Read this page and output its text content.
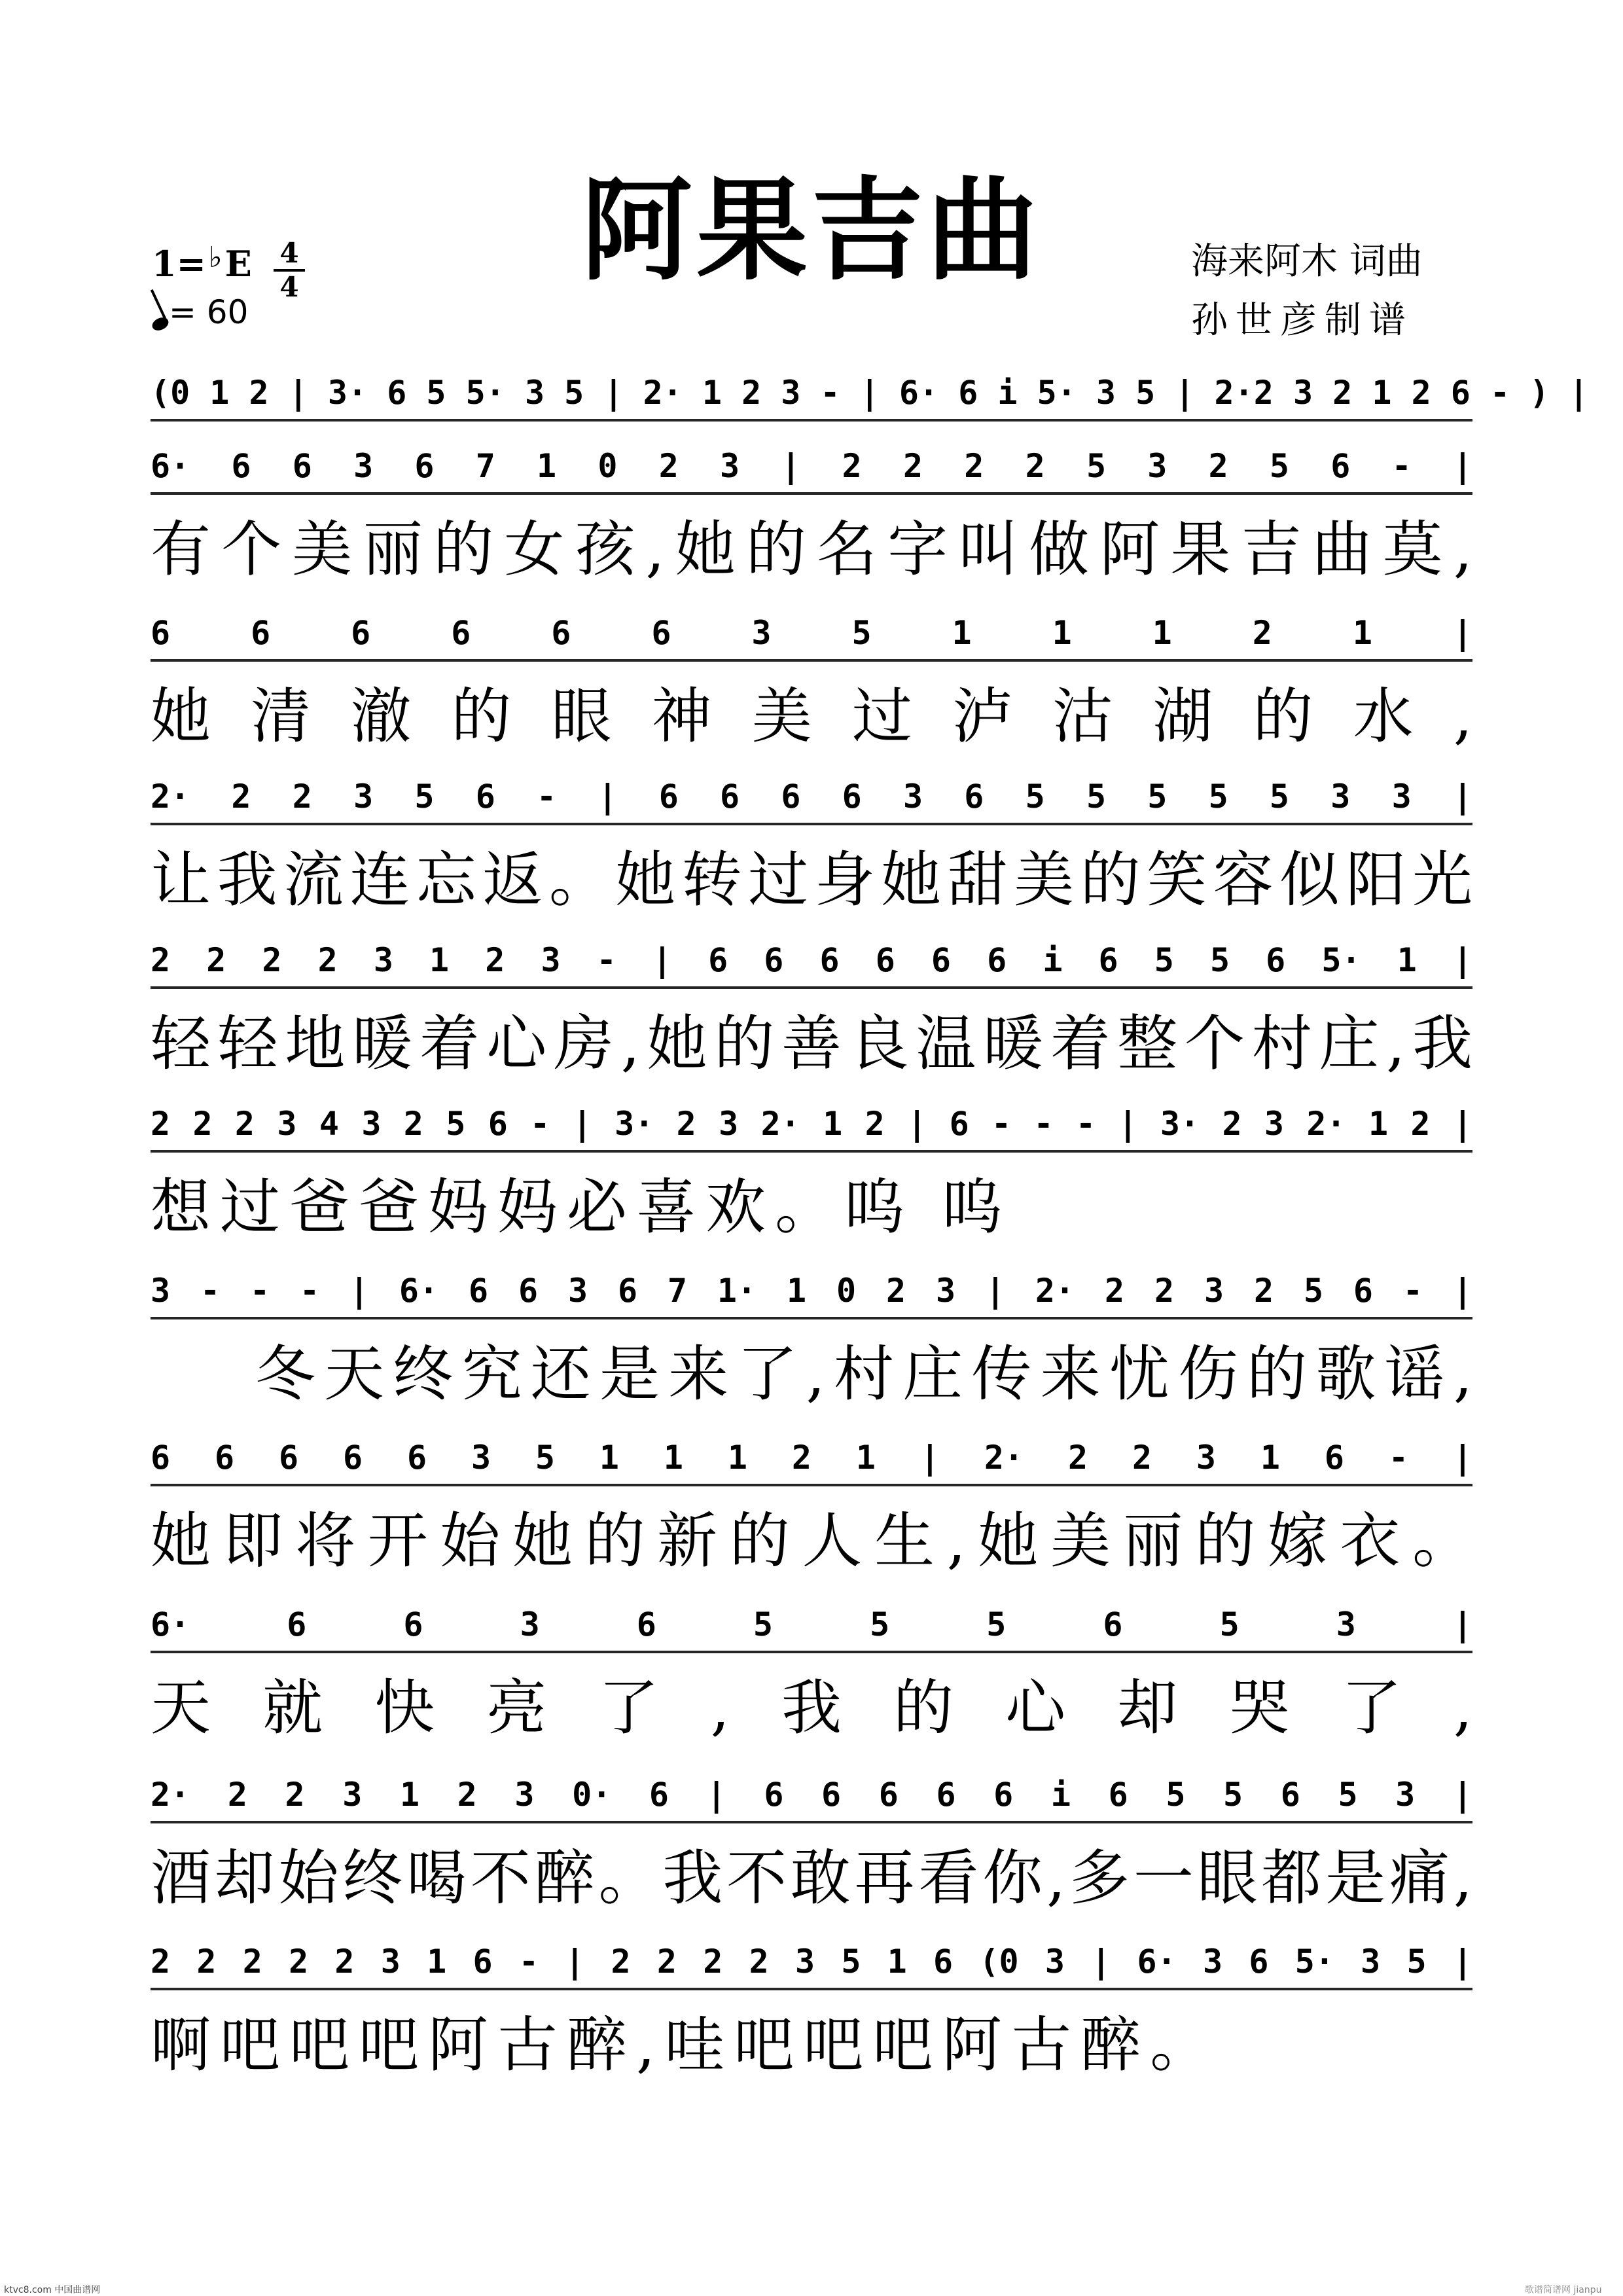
阿果吉曲
1=♭E 4
4
= 60
海来阿木 词曲
孙世彦制谱
(0 1 2 | 3· 6 5 5· 3 5 | 2· 1 2 3 - | 6· 6 i 5· 3 5 | 2·2 3 2 1 2 6 - ) |
6· 6 6 3 6 7 1 0 2 3 | 2 2 2 2 5 3 2 5 6 - |
有个美丽的女孩,她的名字叫做阿果吉曲莫,
6 6 6 6 6 6 3 5 1 1 1 2 1 |
她清澈的眼神美过泸沽湖的水,
2· 2 2 3 5 6 - | 6 6 6 6 3 6 5 5 5 5 5 3 3 |
让我流连忘返。她转过身她甜美的笑容似阳光
2 2 2 2 3 1 2 3 - | 6 6 6 6 6 6 i 6 5 5 6 5· 1 |
轻轻地暖着心房,她的善良温暖着整个村庄,我
2 2 2 3 4 3 2 5 6 - | 3· 2 3 2· 1 2 | 6 - - - | 3· 2 3 2· 1 2 |
想过爸爸妈妈必喜欢。呜 呜
3 - - - | 6· 6 6 3 6 7 1· 1 0 2 3 | 2· 2 2 3 2 5 6 - |
冬天终究还是来了,村庄传来忧伤的歌谣,
6 6 6 6 6 3 5 1 1 1 2 1 | 2· 2 2 3 1 6 - |
她即将开始她的新的人生,她美丽的嫁衣。
6· 6 6 3 6 5 5 5 6 5 3 |
天就快亮了,我的心却哭了,
2· 2 2 3 1 2 3 0· 6 | 6 6 6 6 6 i 6 5 5 6 5 3 |
酒却始终喝不醉。我不敢再看你,多一眼都是痛,
2 2 2 2 2 3 1 6 - | 2 2 2 2 3 5 1 6 (0 3 | 6· 3 6 5· 3 5 |
啊吧吧吧阿古醉,哇吧吧吧阿古醉。
ktvc8.com 中国曲谱网	歌谱简谱网 jianpu
